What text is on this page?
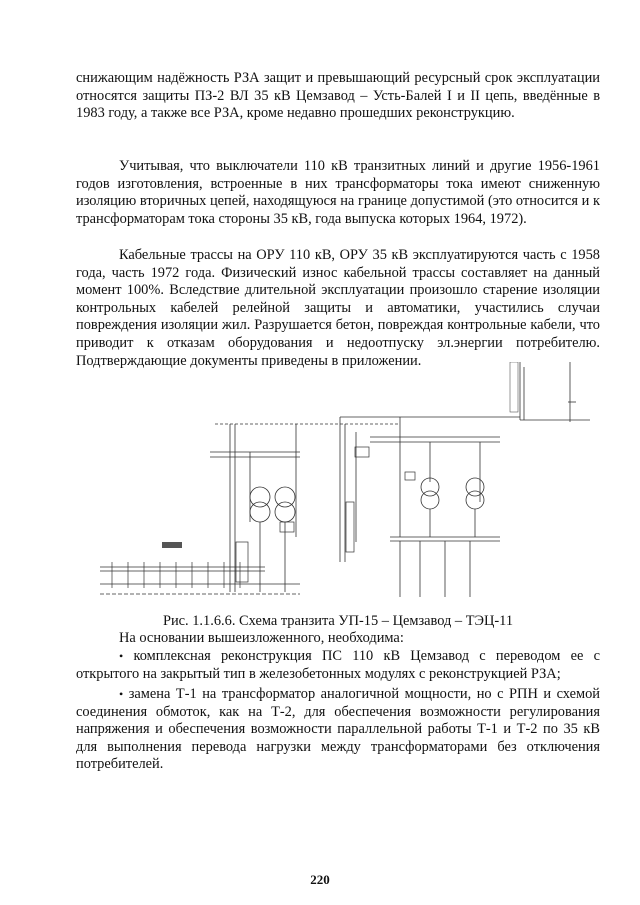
снижающим надёжность РЗА защит и превышающий ресурсный срок эксплуатации относятся защиты ПЗ-2 ВЛ 35 кВ Цемзавод – Усть-Балей I и II цепь, введённые в 1983 году, а также все РЗА, кроме недавно прошедших реконструкцию.

Учитывая, что выключатели 110 кВ транзитных линий и другие 1956-1961 годов изготовления, встроенные в них трансформаторы тока имеют сниженную изоляцию вторичных цепей, находящуюся на границе допустимой (это относится и к трансформаторам тока стороны 35 кВ, года выпуска которых 1964, 1972).

Кабельные трассы на ОРУ 110 кВ, ОРУ 35 кВ эксплуатируются часть с 1958 года, часть 1972 года. Физический износ кабельной трассы составляет на данный момент 100%. Вследствие длительной эксплуатации произошло старение изоляции контрольных кабелей релейной защиты и автоматики, участились случаи повреждения изоляции жил. Разрушается бетон, повреждая контрольные кабели, что приводит к отказам оборудования и недоотпуску эл.энергии потребителю. Подтверждающие документы приведены в приложении.

Рис. 1.1.6.6. Схема транзита УП-15 – Цемзавод – ТЭЦ-11

На основании вышеизложенного, необходима:

• комплексная реконструкция ПС 110 кВ Цемзавод с переводом ее с открытого на закрытый тип в железобетонных модулях с реконструкцией РЗА;

• замена Т-1 на трансформатор аналогичной мощности, но с РПН и схемой соединения обмоток, как на Т-2, для обеспечения возможности регулирования напряжения и обеспечения возможности параллельной работы Т-1 и Т-2 по 35 кВ для выполнения перевода нагрузки между трансформаторами без отключения потребителей.

220
